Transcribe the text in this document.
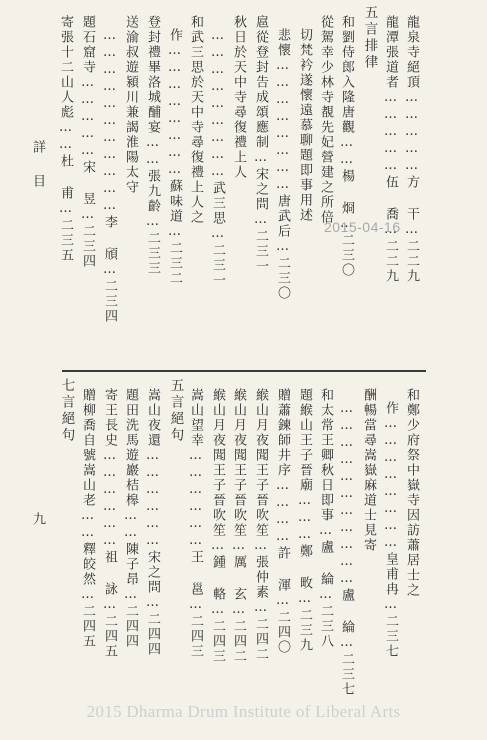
龍泉寺絕頂……………方 干…二二九
龍潭張道者……………伍 喬…二二九
五言排律
和劉侍郎入隆唐觀……楊 烱…二三〇
從駕幸少林寺覩先妃營建之所倍
切梵衿遂懷遠慕聊題即事用述
悲懷……………………唐武后…二三〇
扈從登封告成頌應制…宋之問…二三一
秋日於天中寺尋復禮上人
………………………武三思…二三一
和武三思於天中寺尋復禮上人之
作……………………蘇味道…二三二
登封禮畢洛城酺宴……張九齡…二三三
送渝叔遊潁川兼謁淮陽太守
……………………………李 頎…二三四
題石窟寺……………宋 昱…二三四
寄張十二山人彪……杜 甫…二三五
和鄭少府祭中嶽寺因訪蕭居士之
作……………………皇甫冉…二三七
酬暢當尋嵩嶽麻道士見寄
……………………………盧 綸…二三七
和太常王卿秋日即事…盧 綸…二三八
題緱山王子晉廟………鄭 畋…二三九
贈蕭鍊師井序…………許 渾…二四〇
緱山月夜聞王子晉吹笙…張仲素…二四二
緱山月夜聞王子晉吹笙…厲 玄…二四二
緱山月夜聞王子晉吹笙…鍾 輅…二四三
嵩山望幸………………王 邕…二四三
五言絕句
嵩山夜還………………宋之問…二四四
題田洗馬遊巖桔槔……陳子昂…二四四
寄王長史………………祖 詠…二四五
贈柳喬自號嵩山老……釋皎然…二四五
七言絕句
詳 目
九
2015-04-16
2015 Dharma Drum Institute of Liberal Arts
